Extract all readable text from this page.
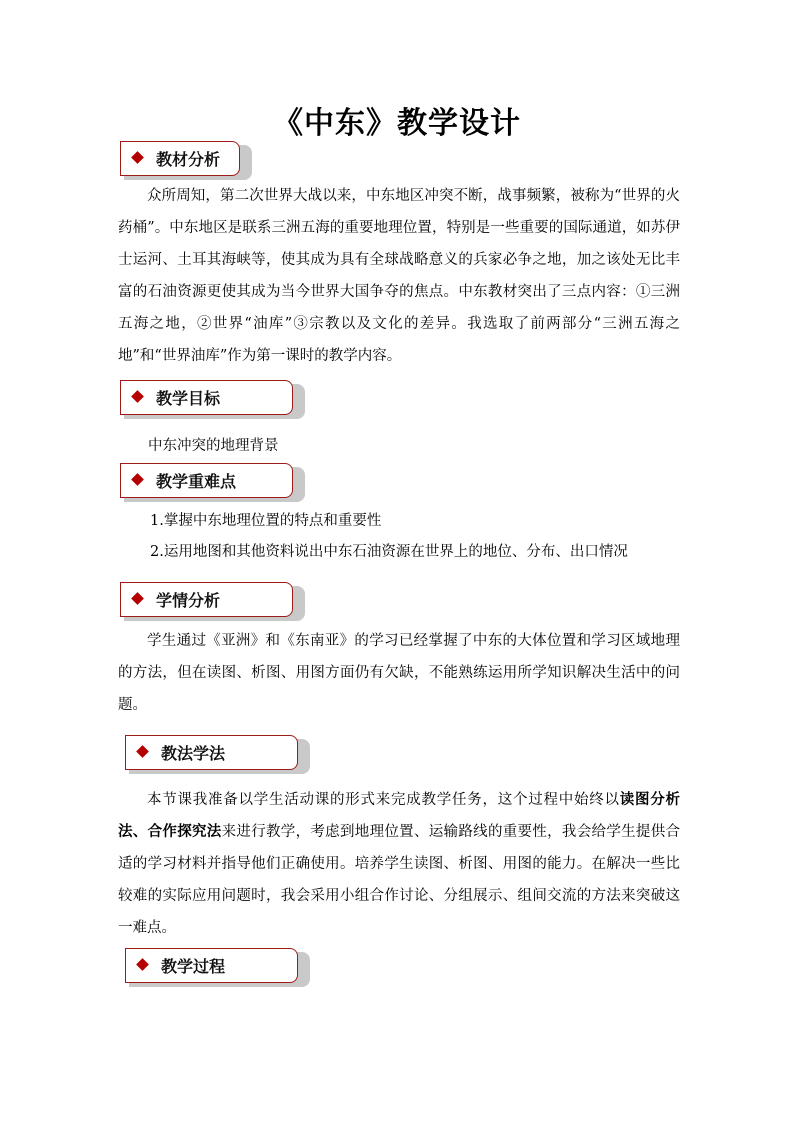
《中东》教学设计
教材分析

众所周知，第二次世界大战以来，中东地区冲突不断，战事频繁，被称为“世界的火药桶”。中东地区是联系三洲五海的重要地理位置，特别是一些重要的国际通道，如苏伊士运河、土耳其海峡等，使其成为具有全球战略意义的兵家必争之地，加之该处无比丰富的石油资源更使其成为当今世界大国争夺的焦点。中东教材突出了三点内容：①三洲五海之地，②世界“油库”③宗教以及文化的差异。我选取了前两部分“三洲五海之地”和“世界油库”作为第一课时的教学内容。

教学目标

中东冲突的地理背景

教学重难点

1.掌握中东地理位置的特点和重要性

2.运用地图和其他资料说出中东石油资源在世界上的地位、分布、出口情况

学情分析

学生通过《亚洲》和《东南亚》的学习已经掌握了中东的大体位置和学习区域地理的方法，但在读图、析图、用图方面仍有欠缺，不能熟练运用所学知识解决生活中的问题。

教法学法

本节课我准备以学生活动课的形式来完成教学任务，这个过程中始终以读图分析法、合作探究法来进行教学，考虑到地理位置、运输路线的重要性，我会给学生提供合适的学习材料并指导他们正确使用。培养学生读图、析图、用图的能力。在解决一些比较难的实际应用问题时，我会采用小组合作讨论、分组展示、组间交流的方法来突破这一难点。

教学过程
